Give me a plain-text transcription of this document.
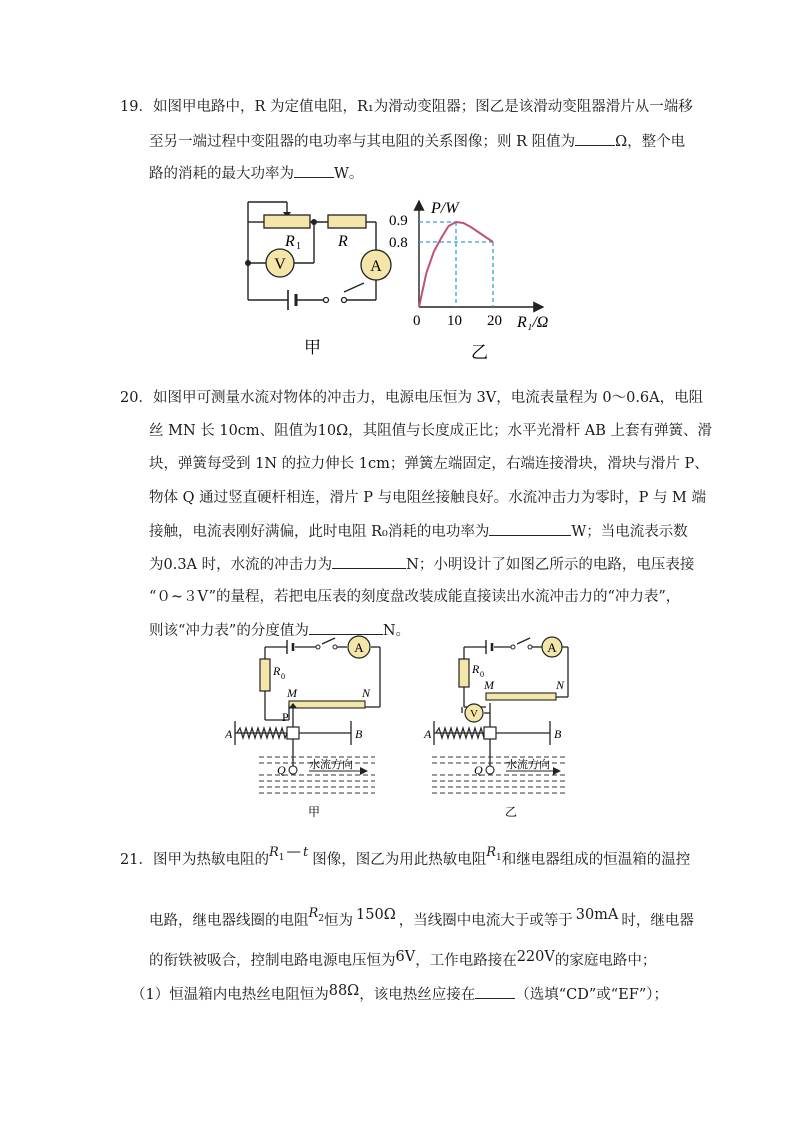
19．如图甲电路中，R 为定值电阻，R₁为滑动变阻器；图乙是该滑动变阻器滑片从一端移
至另一端过程中变阻器的电功率与其电阻的关系图像；则 R 阻值为	Ω，整个电
路的消耗的最大功率为	W。
V	A
R 1 R
甲
P/W
0.9
0.8
0 10 20 R₁/Ω
乙
20．如图甲可测量水流对物体的冲击力，电源电压恒为 3V，电流表量程为 0～0.6A，电阻
丝 MN 长 10cm、阻值为10Ω，其阻值与长度成正比；水平光滑杆 AB 上套有弹簧、滑
块，弹簧每受到 1N 的拉力伸长 1cm；弹簧左端固定，右端连接滑块，滑块与滑片 P、
物体 Q 通过竖直硬杆相连，滑片 P 与电阻丝接触良好。水流冲击力为零时，P 与 M 端
接触，电流表刚好满偏，此时电阻 R₀消耗的电功率为	W；当电流表示数
为0.3A 时，水流的冲击力为	N；小明设计了如图乙所示的电路，电压表接
“０~３V”的量程，若把电压表的刻度盘改装成能直接读出水流冲击力的“冲力表”，
则该“冲力表”的分度值为	N。
A
R 0
M	N
P
A	B
Q 水流方向
甲
A
R 0
M	N
V
A	B
Q 水流方向
乙
21．图甲为热敏电阻的$R^1$ — t 图像，图乙为用此热敏电阻$R^1$和继电器组成的恒温箱的温控
电路，继电器线圈的电阻$R^2$恒为 150Ω ，当线圈中电流大于或等于 30mA 时，继电器
的衔铁被吸合，控制电路电源电压恒为6V，工作电路接在220V的家庭电路中；
（1）恒温箱内电热丝电阻恒为88Ω，该电热丝应接在	（选填“CD”或“EF”）；
